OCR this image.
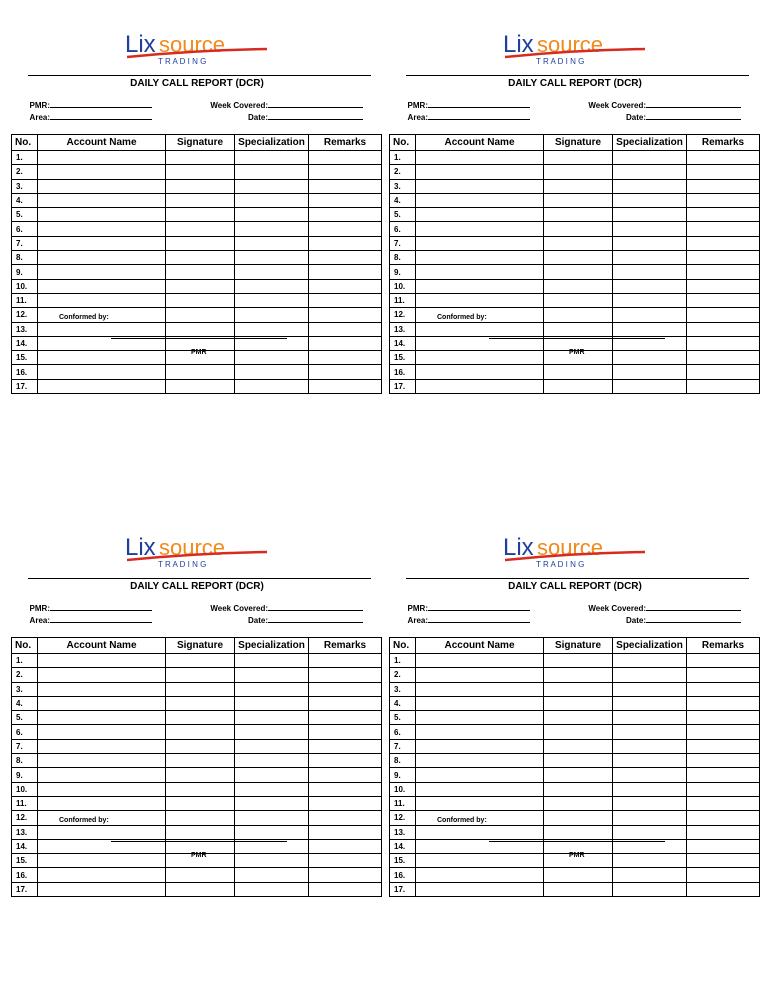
Lix source
T R A D I N G
DAILY CALL REPORT (DCR)
PMR:
Area:
Week Covered:
Date:
No.	Account Name	Signature	Specialization	Remarks
1.				
2.				
3.				
4.				
5.				
6.				
7.				
8.				
9.				
10.				
11.				
12.				
13.				
14.				
15.				
16.				
17.				
Conformed by:
PMR
Lix source
T R A D I N G
DAILY CALL REPORT (DCR)
PMR:
Area:
Week Covered:
Date:
No.	Account Name	Signature	Specialization	Remarks
1.				
2.				
3.				
4.				
5.				
6.				
7.				
8.				
9.				
10.				
11.				
12.				
13.				
14.				
15.				
16.				
17.				
Conformed by:
PMR
Lix source
T R A D I N G
DAILY CALL REPORT (DCR)
PMR:
Area:
Week Covered:
Date:
No.	Account Name	Signature	Specialization	Remarks
1.				
2.				
3.				
4.				
5.				
6.				
7.				
8.				
9.				
10.				
11.				
12.				
13.				
14.				
15.				
16.				
17.				
Conformed by:
PMR
Lix source
T R A D I N G
DAILY CALL REPORT (DCR)
PMR:
Area:
Week Covered:
Date:
No.	Account Name	Signature	Specialization	Remarks
1.				
2.				
3.				
4.				
5.				
6.				
7.				
8.				
9.				
10.				
11.				
12.				
13.				
14.				
15.				
16.				
17.				
Conformed by:
PMR
